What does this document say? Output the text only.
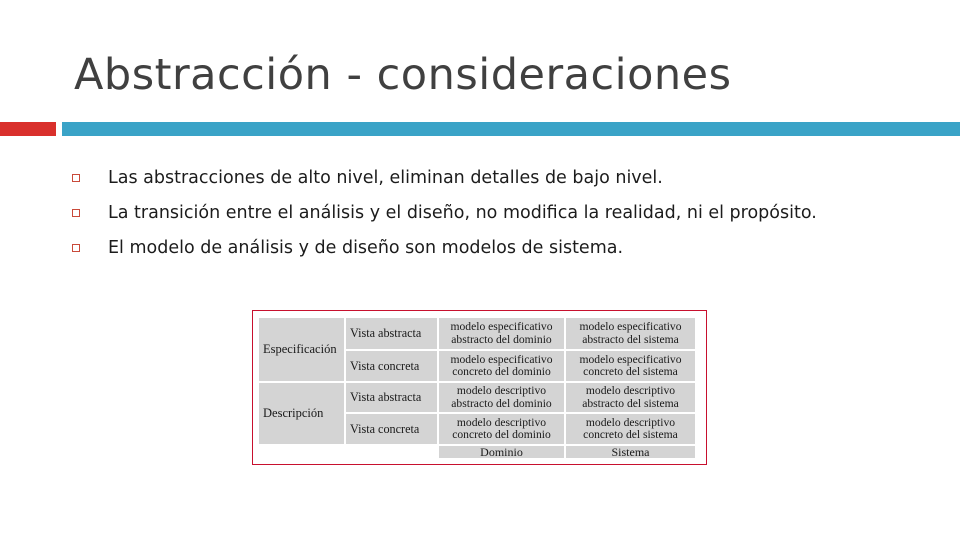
Abstracción - consideraciones
Las abstracciones de alto nivel, eliminan detalles de bajo nivel.
La transición entre el análisis y el diseño, no modifica la realidad, ni el propósito.
El modelo de análisis y de diseño son modelos de sistema.
Especificación
Descripción
Vista abstracta
Vista concreta
Vista abstracta
Vista concreta
modelo especificativo abstracto del dominio
modelo especificativo abstracto del sistema
modelo especificativo concreto del dominio
modelo especificativo concreto del sistema
modelo descriptivo abstracto del dominio
modelo descriptivo abstracto del sistema
modelo descriptivo concreto del dominio
modelo descriptivo concreto del sistema
Dominio	Sistema
